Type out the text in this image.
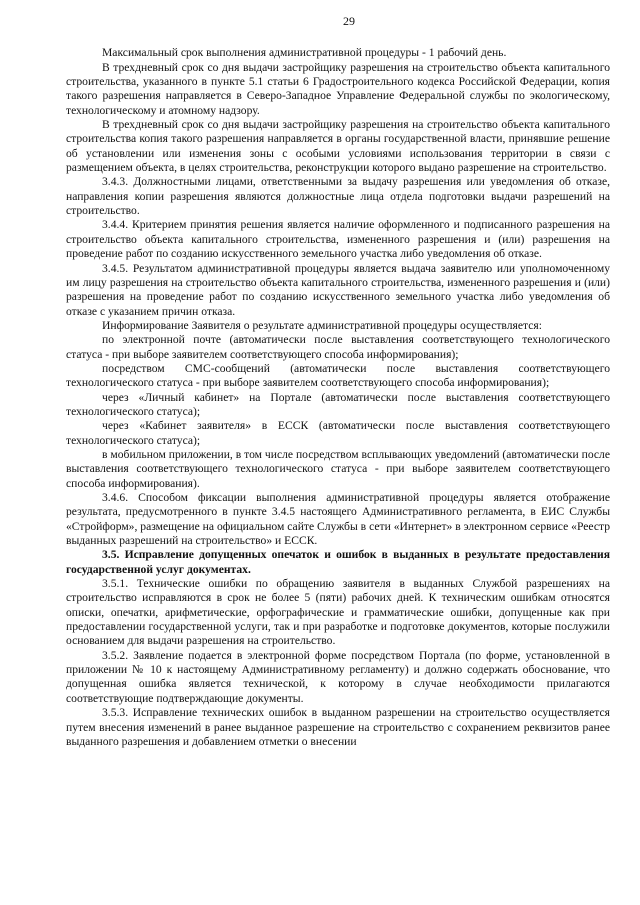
29

Максимальный срок выполнения административной процедуры - 1 рабочий день.

В трехдневный срок со дня выдачи застройщику разрешения на строительство объекта капитального строительства, указанного в пункте 5.1 статьи 6 Градостроительного кодекса Российской Федерации, копия такого разрешения направляется в Северо-Западное Управление Федеральной службы по экологическому, технологическому и атомному надзору.

В трехдневный срок со дня выдачи застройщику разрешения на строительство объекта капитального строительства копия такого разрешения направляется в органы государственной власти, принявшие решение об установлении или изменения зоны с особыми условиями использования территории в связи с размещением объекта, в целях строительства, реконструкции которого выдано разрешение на строительство.

3.4.3. Должностными лицами, ответственными за выдачу разрешения или уведомления об отказе, направления копии разрешения являются должностные лица отдела подготовки выдачи разрешений на строительство.

3.4.4. Критерием принятия решения является наличие оформленного и подписанного разрешения на строительство объекта капитального строительства, измененного разрешения и (или) разрешения на проведение работ по созданию искусственного земельного участка либо уведомления об отказе.

3.4.5. Результатом административной процедуры является выдача заявителю или уполномоченному им лицу разрешения на строительство объекта капитального строительства, измененного разрешения и (или) разрешения на проведение работ по созданию искусственного земельного участка либо уведомления об отказе с указанием причин отказа.

Информирование Заявителя о результате административной процедуры осуществляется:

по электронной почте (автоматически после выставления соответствующего технологического статуса - при выборе заявителем соответствующего способа информирования);

посредством СМС-сообщений (автоматически после выставления соответствующего технологического статуса - при выборе заявителем соответствующего способа информирования);

через «Личный кабинет» на Портале (автоматически после выставления соответствующего технологического статуса);

через «Кабинет заявителя» в ЕССК (автоматически после выставления соответствующего технологического статуса);

в мобильном приложении, в том числе посредством всплывающих уведомлений (автоматически после выставления соответствующего технологического статуса - при выборе заявителем соответствующего способа информирования).

3.4.6. Способом фиксации выполнения административной процедуры является отображение результата, предусмотренного в пункте 3.4.5 настоящего Административного регламента, в ЕИС Службы «Стройформ», размещение на официальном сайте Службы в сети «Интернет» в электронном сервисе «Реестр выданных разрешений на строительство» и ЕССК.

3.5. Исправление допущенных опечаток и ошибок в выданных в результате предоставления государственной услуг документах.

3.5.1. Технические ошибки по обращению заявителя в выданных Службой разрешениях на строительство исправляются в срок не более 5 (пяти) рабочих дней. К техническим ошибкам относятся описки, опечатки, арифметические, орфографические и грамматические ошибки, допущенные как при предоставлении государственной услуги, так и при разработке и подготовке документов, которые послужили основанием для выдачи разрешения на строительство.

3.5.2. Заявление подается в электронной форме посредством Портала (по форме, установленной в приложении № 10 к настоящему Административному регламенту) и должно содержать обоснование, что допущенная ошибка является технической, к которому в случае необходимости прилагаются соответствующие подтверждающие документы.

3.5.3. Исправление технических ошибок в выданном разрешении на строительство осуществляется путем внесения изменений в ранее выданное разрешение на строительство с сохранением реквизитов ранее выданного разрешения и добавлением отметки о внесении
